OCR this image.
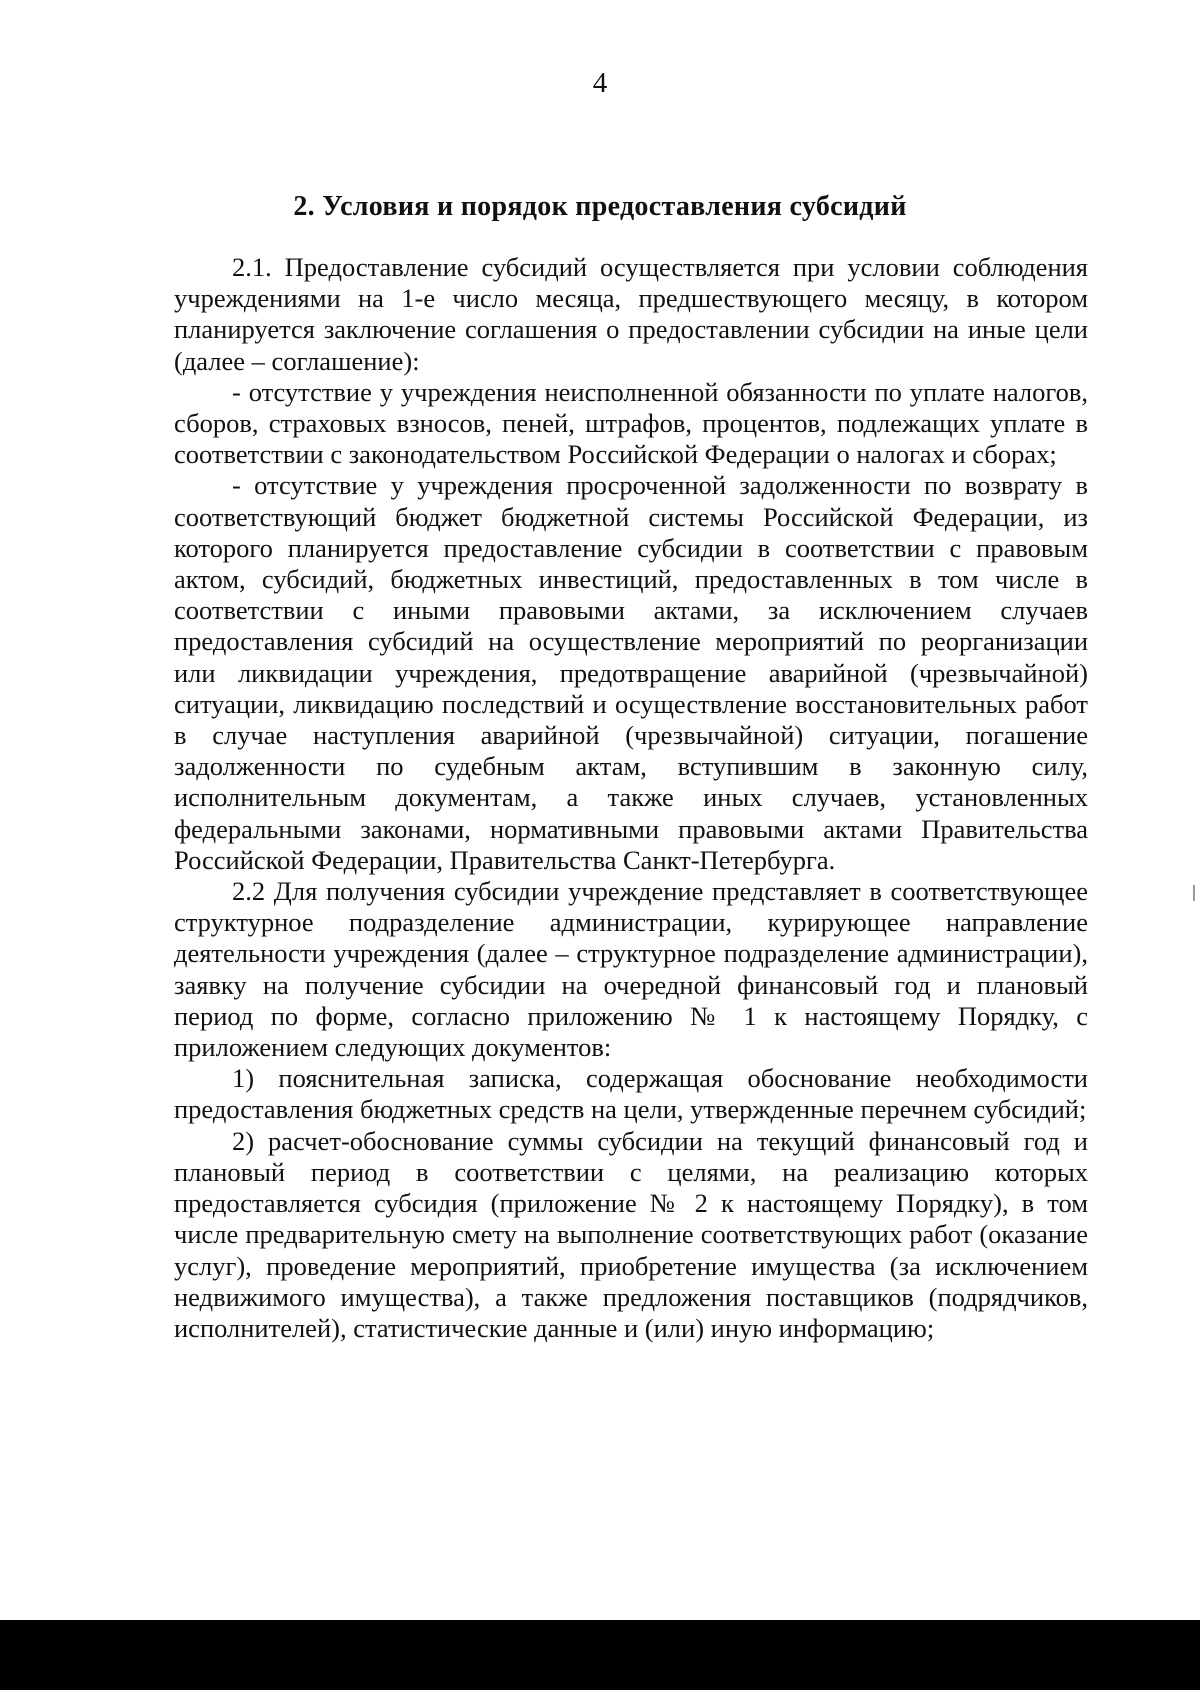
4
2. Условия и порядок предоставления субсидий

2.1. Предоставление субсидий осуществляется при условии соблюдения учреждениями на 1-е число месяца, предшествующего месяцу, в котором планируется заключение соглашения о предоставлении субсидии на иные цели (далее – соглашение):

- отсутствие у учреждения неисполненной обязанности по уплате налогов, сборов, страховых взносов, пеней, штрафов, процентов, подлежащих уплате в соответствии с законодательством Российской Федерации о налогах и сборах;

- отсутствие у учреждения просроченной задолженности по возврату в соответствующий бюджет бюджетной системы Российской Федерации, из которого планируется предоставление субсидии в соответствии с правовым актом, субсидий, бюджетных инвестиций, предоставленных в том числе в соответствии с иными правовыми актами, за исключением случаев предоставления субсидий на осуществление мероприятий по реорганизации или ликвидации учреждения, предотвращение аварийной (чрезвычайной) ситуации, ликвидацию последствий и осуществление восстановительных работ в случае наступления аварийной (чрезвычайной) ситуации, погашение задолженности по судебным актам, вступившим в законную силу, исполнительным документам, а также иных случаев, установленных федеральными законами, нормативными правовыми актами Правительства Российской Федерации, Правительства Санкт-Петербурга.

2.2 Для получения субсидии учреждение представляет в соответствующее структурное подразделение администрации, курирующее направление деятельности учреждения (далее – структурное подразделение администрации), заявку на получение субсидии на очередной финансовый год и плановый период по форме, согласно приложению № 1 к настоящему Порядку, с приложением следующих документов:

1) пояснительная записка, содержащая обоснование необходимости предоставления бюджетных средств на цели, утвержденные перечнем субсидий;

2) расчет-обоснование суммы субсидии на текущий финансовый год и плановый период в соответствии с целями, на реализацию которых предоставляется субсидия (приложение № 2 к настоящему Порядку), в том числе предварительную смету на выполнение соответствующих работ (оказание услуг), проведение мероприятий, приобретение имущества (за исключением недвижимого имущества), а также предложения поставщиков (подрядчиков, исполнителей), статистические данные и (или) иную информацию;
